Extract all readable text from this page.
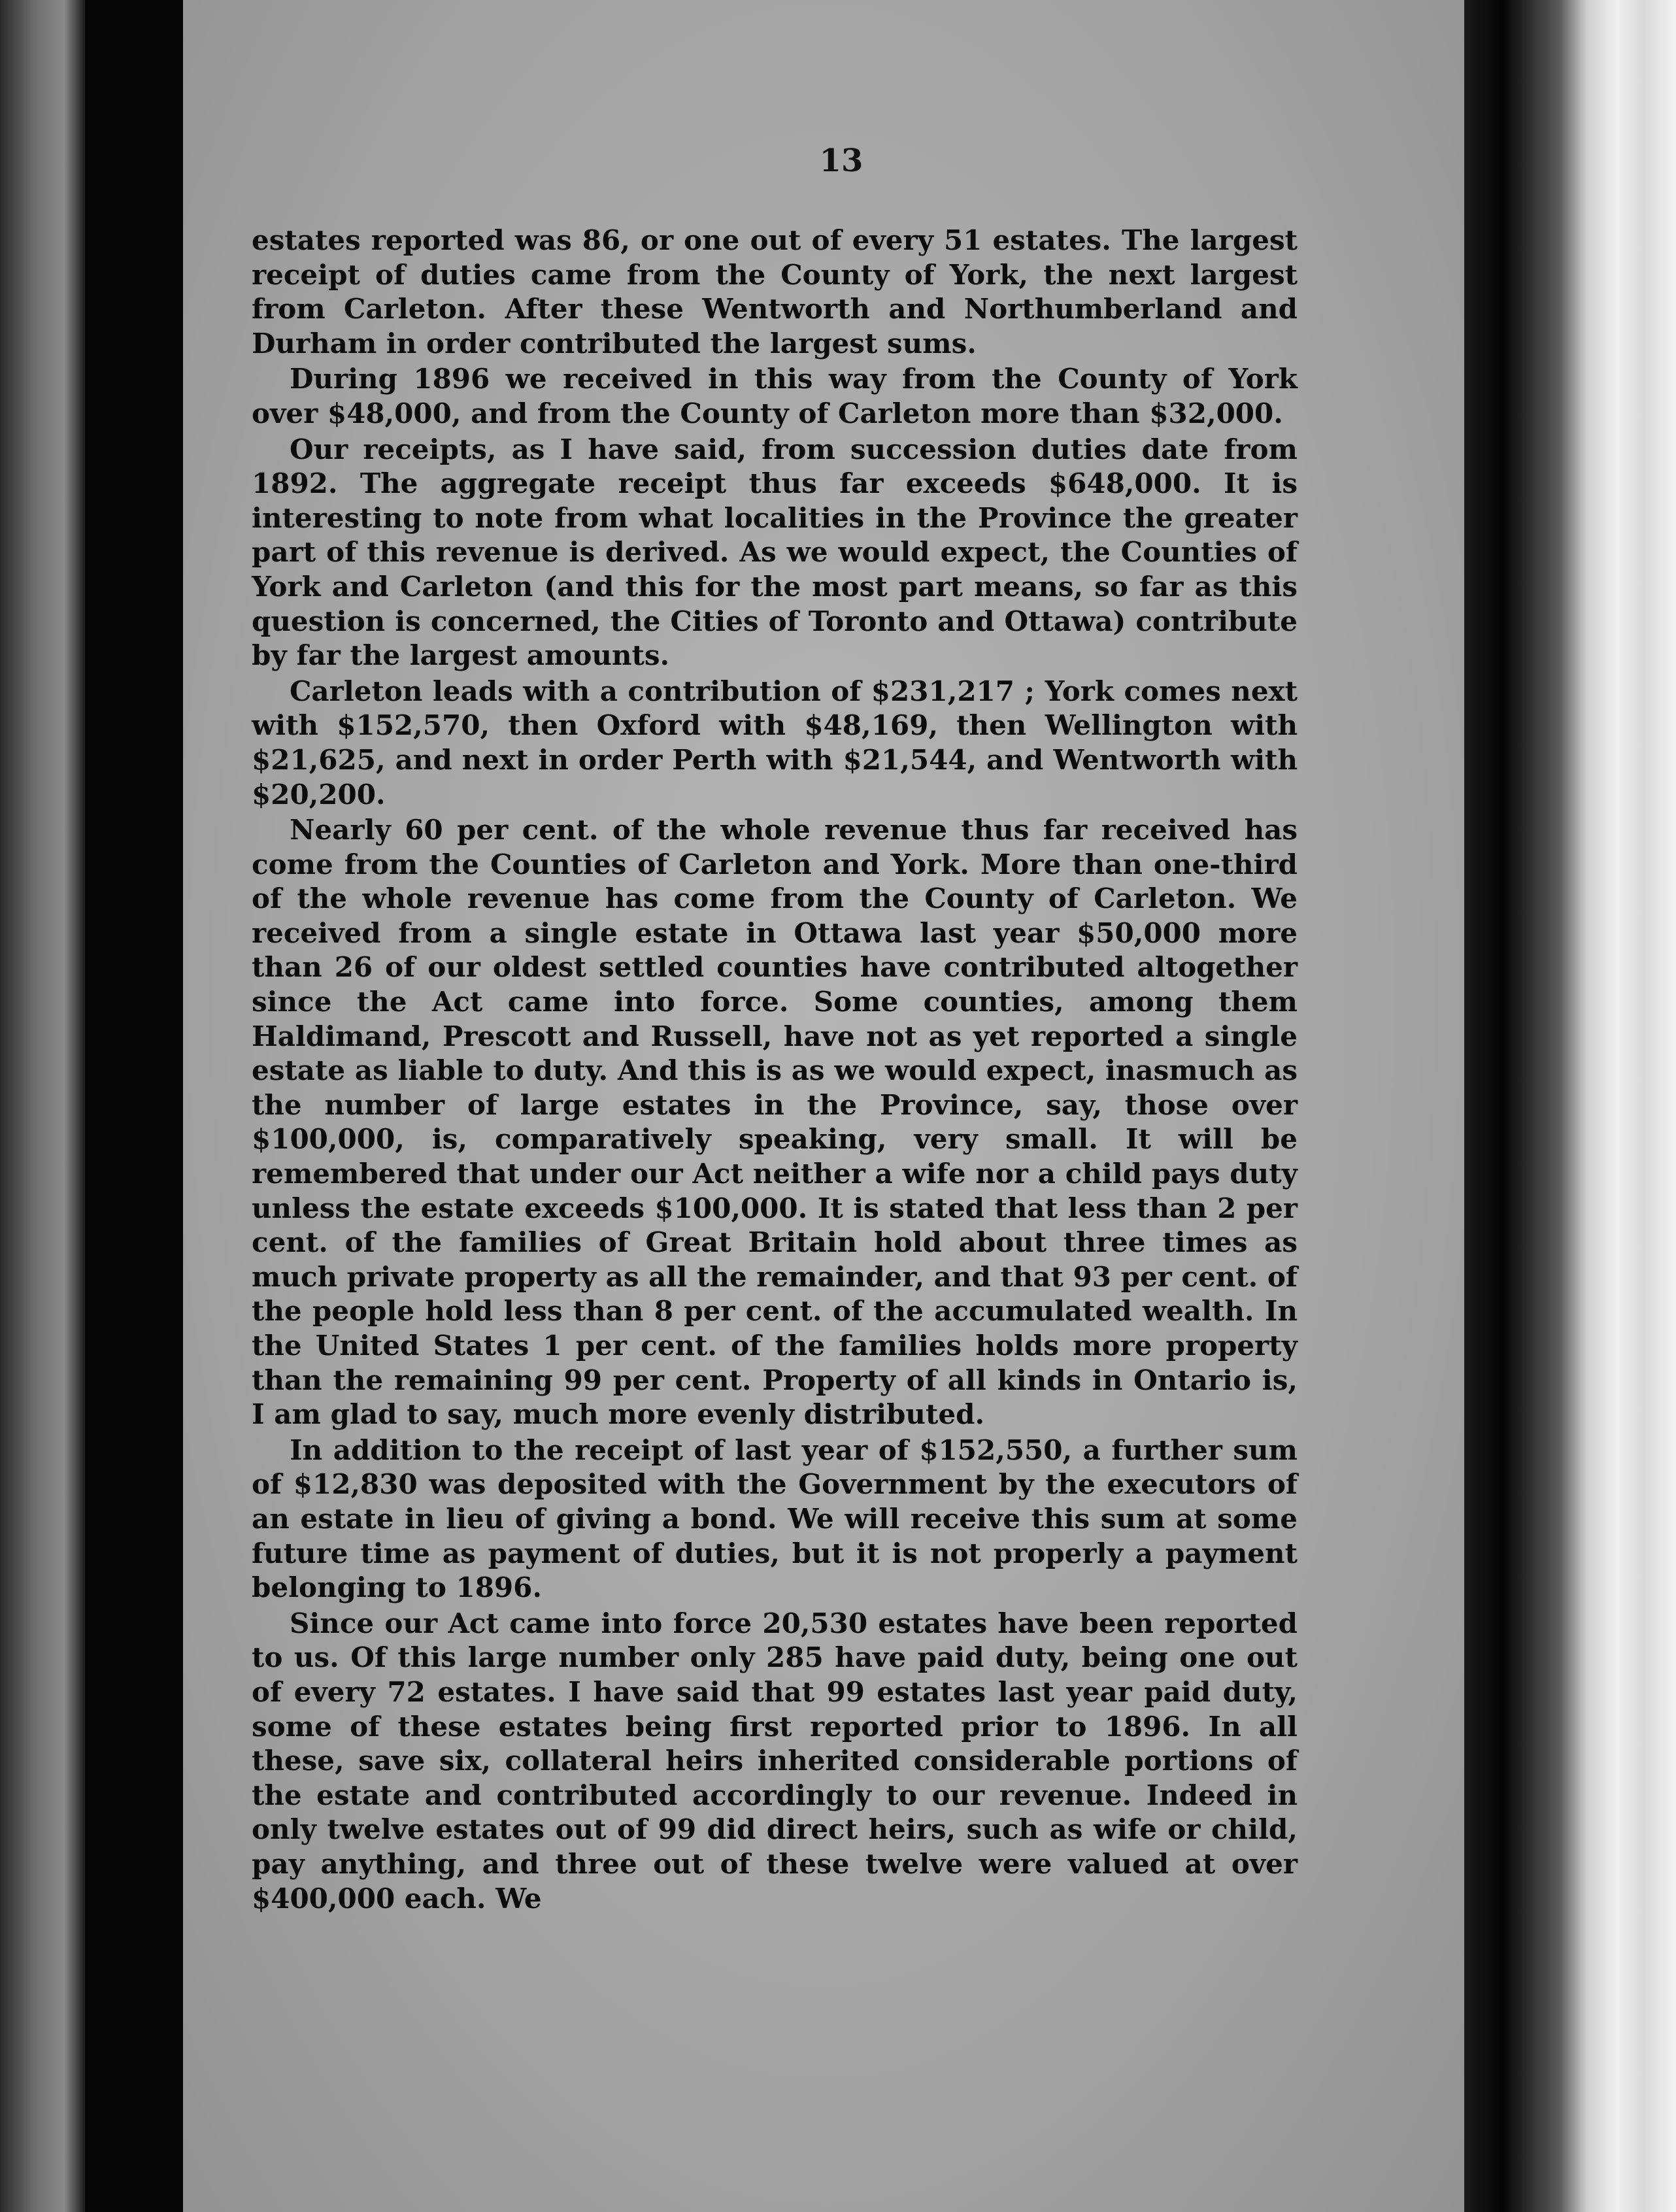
13

estates reported was 86, or one out of every 51 estates. The largest receipt of duties came from the County of York, the next largest from Carleton. After these Wentworth and Northumberland and Durham in order contributed the largest sums.

During 1896 we received in this way from the County of York over $48,000, and from the County of Carleton more than $32,000.

Our receipts, as I have said, from succession duties date from 1892. The aggregate receipt thus far exceeds $648,000. It is interesting to note from what localities in the Province the greater part of this revenue is derived. As we would expect, the Counties of York and Carleton (and this for the most part means, so far as this question is concerned, the Cities of Toronto and Ottawa) contribute by far the largest amounts.

Carleton leads with a contribution of $231,217 ; York comes next with $152,570, then Oxford with $48,169, then Wellington with $21,625, and next in order Perth with $21,544, and Wentworth with $20,200.

Nearly 60 per cent. of the whole revenue thus far received has come from the Counties of Carleton and York. More than one-third of the whole revenue has come from the County of Carleton. We received from a single estate in Ottawa last year $50,000 more than 26 of our oldest settled counties have contributed altogether since the Act came into force. Some counties, among them Haldimand, Prescott and Russell, have not as yet reported a single estate as liable to duty. And this is as we would expect, inasmuch as the number of large estates in the Province, say, those over $100,000, is, comparatively speaking, very small. It will be remembered that under our Act neither a wife nor a child pays duty unless the estate exceeds $100,000. It is stated that less than 2 per cent. of the families of Great Britain hold about three times as much private property as all the remainder, and that 93 per cent. of the people hold less than 8 per cent. of the accumulated wealth. In the United States 1 per cent. of the families holds more property than the remaining 99 per cent. Property of all kinds in Ontario is, I am glad to say, much more evenly distributed.

In addition to the receipt of last year of $152,550, a further sum of $12,830 was deposited with the Government by the executors of an estate in lieu of giving a bond. We will receive this sum at some future time as payment of duties, but it is not properly a payment belonging to 1896.

Since our Act came into force 20,530 estates have been reported to us. Of this large number only 285 have paid duty, being one out of every 72 estates. I have said that 99 estates last year paid duty, some of these estates being first reported prior to 1896. In all these, save six, collateral heirs inherited considerable portions of the estate and contributed accordingly to our revenue. Indeed in only twelve estates out of 99 did direct heirs, such as wife or child, pay anything, and three out of these twelve were valued at over $400,000 each. We
